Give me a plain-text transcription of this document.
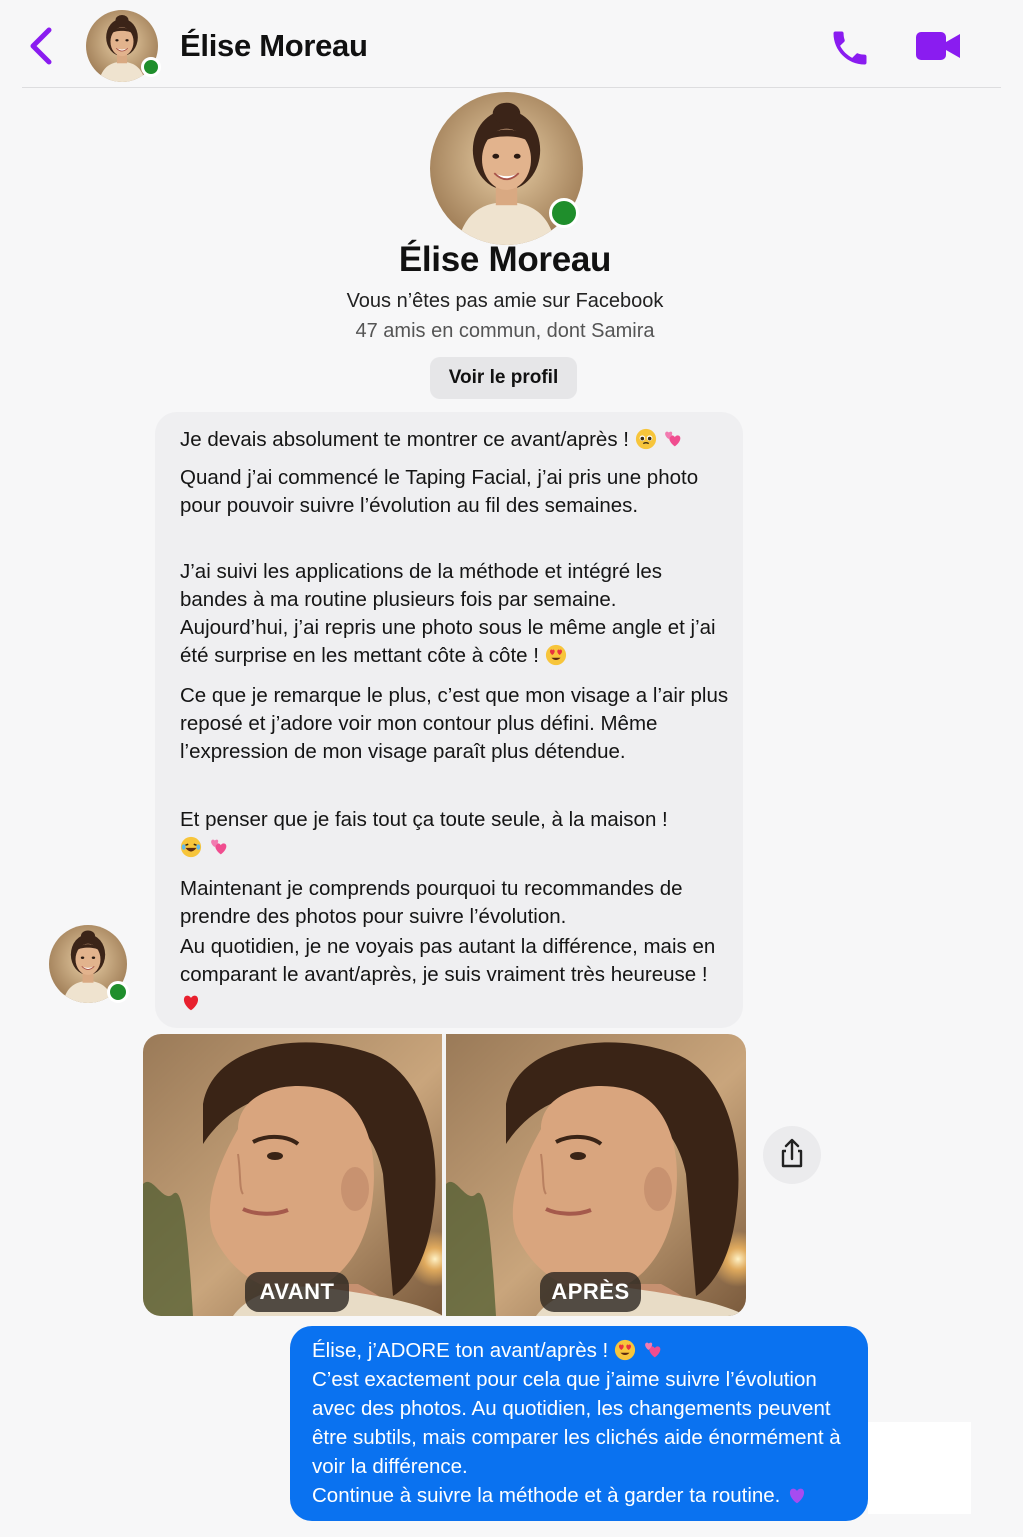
Élise Moreau
Élise Moreau
Vous n’êtes pas amie sur Facebook
47 amis en commun, dont Samira
Voir le profil

Je devais absolument te montrer ce avant/après !

Quand j’ai commencé le Taping Facial, j’ai pris une photo pour pouvoir suivre l’évolution au fil des semaines.

J’ai suivi les applications de la méthode et intégré les bandes à ma routine plusieurs fois par semaine.

Aujourd’hui, j’ai repris une photo sous le même angle et j’ai été surprise en les mettant côte à côte !

Ce que je remarque le plus, c’est que mon visage a l’air plus reposé et j’adore voir mon contour plus défini. Même l’expression de mon visage paraît plus détendue.

Et penser que je fais tout ça toute seule, à la maison !

Maintenant je comprends pourquoi tu recommandes de prendre des photos pour suivre l’évolution.

Au quotidien, je ne voyais pas autant la différence, mais en comparant le avant/après, je suis vraiment très heureuse !

AVANT	APRÈS

Élise, j’ADORE ton avant/après !
C’est exactement pour cela que j’aime suivre l’évolution avec des photos. Au quotidien, les changements peuvent être subtils, mais comparer les clichés aide énormément à voir la différence.
Continue à suivre la méthode et à garder ta routine.
